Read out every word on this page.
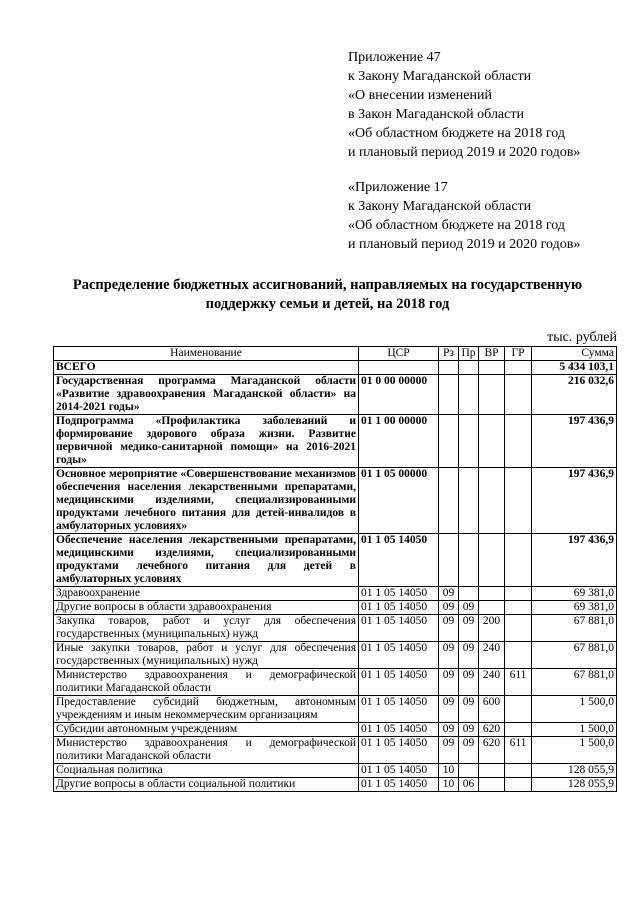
Приложение 47
к Закону Магаданской области
«О внесении изменений
в Закон Магаданской области
«Об областном бюджете на 2018 год
и плановый период 2019 и 2020 годов»
«Приложение 17
к Закону Магаданской области
«Об областном бюджете на 2018 год
и плановый период 2019 и 2020 годов»
Распределение бюджетных ассигнований, направляемых на государственную
поддержку семьи и детей, на 2018 год
тыс. рублей
Наименование	ЦСР	Рз	Пр	ВР	ГР	Сумма
ВСЕГО						5 434 103,1
Государственная программа Магаданской области «Развитие здравоохранения Магаданской области» на 2014-2021 годы»	01 0 00 00000					216 032,6
Подпрограмма «Профилактика заболеваний и формирование здорового образа жизни. Развитие первичной медико-санитарной помощи» на 2016-2021 годы»	01 1 00 00000					197 436,9
Основное мероприятие «Совершенствование механизмов обеспечения населения лекарственными препаратами, медицинскими изделиями, специализированными продуктами лечебного питания для детей-инвалидов в амбулаторных условиях»	01 1 05 00000					197 436,9
Обеспечение населения лекарственными препаратами, медицинскими изделиями, специализированными продуктами лечебного питания для детей в амбулаторных условиях	01 1 05 14050					197 436,9
Здравоохранение	01 1 05 14050	09				69 381,0
Другие вопросы в области здравоохранения	01 1 05 14050	09	09			69 381,0
Закупка товаров, работ и услуг для обеспечения государственных (муниципальных) нужд	01 1 05 14050	09	09	200		67 881,0
Иные закупки товаров, работ и услуг для обеспечения государственных (муниципальных) нужд	01 1 05 14050	09	09	240		67 881,0
Министерство здравоохранения и демографической политики Магаданской области	01 1 05 14050	09	09	240	611	67 881,0
Предоставление субсидий бюджетным, автономным учреждениям и иным некоммерческим организациям	01 1 05 14050	09	09	600		1 500,0
Субсидии автономным учреждениям	01 1 05 14050	09	09	620		1 500,0
Министерство здравоохранения и демографической политики Магаданской области	01 1 05 14050	09	09	620	611	1 500,0
Социальная политика	01 1 05 14050	10				128 055,9
Другие вопросы в области социальной политики	01 1 05 14050	10	06			128 055,9
